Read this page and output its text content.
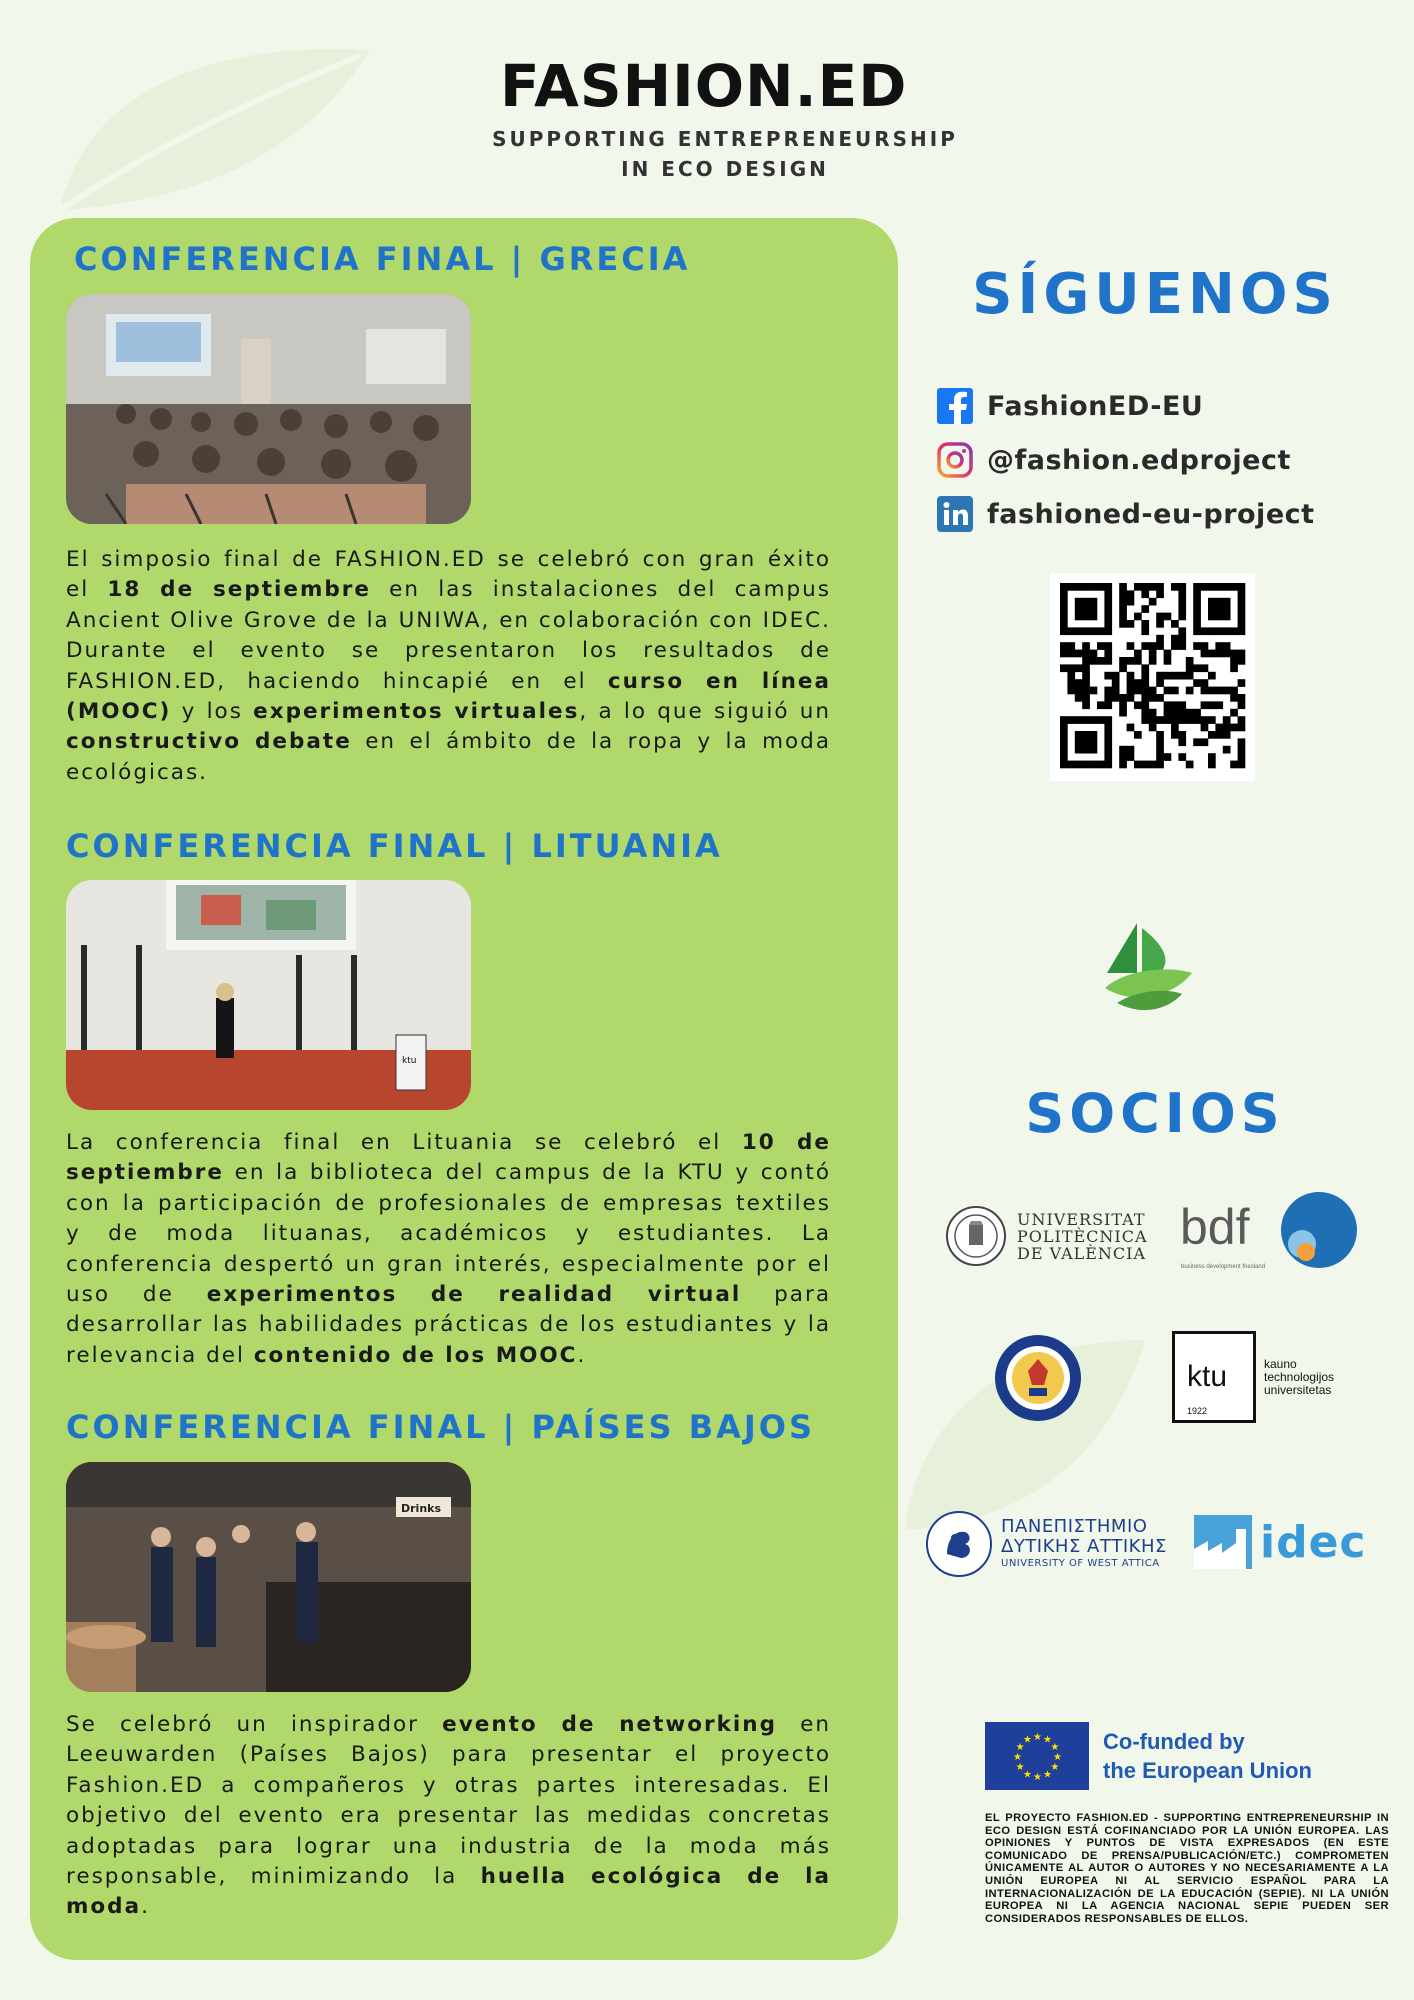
FASHION.ED
SUPPORTING ENTREPRENEURSHIP
IN ECO DESIGN
CONFERENCIA FINAL | GRECIA
El simposio final de FASHION.ED se celebró con gran éxito el 18 de septiembre en las instalaciones del campus Ancient Olive Grove de la UNIWA, en colaboración con IDEC. Durante el evento se presentaron los resultados de FASHION.ED, haciendo hincapié en el curso en línea (MOOC) y los experimentos virtuales, a lo que siguió un constructivo debate en el ámbito de la ropa y la moda ecológicas.
CONFERENCIA FINAL | LITUANIA
ktu
La conferencia final en Lituania se celebró el 10 de septiembre en la biblioteca del campus de la KTU y contó con la participación de profesionales de empresas textiles y de moda lituanas, académicos y estudiantes. La conferencia despertó un gran interés, especialmente por el uso de experimentos de realidad virtual para desarrollar las habilidades prácticas de los estudiantes y la relevancia del contenido de los MOOC.
CONFERENCIA FINAL | PAÍSES BAJOS
Drinks
Se celebró un inspirador evento de networking en Leeuwarden (Países Bajos) para presentar el proyecto Fashion.ED a compañeros y otras partes interesadas. El objetivo del evento era presentar las medidas concretas adoptadas para lograr una industria de la moda más responsable, minimizando la huella ecológica de la moda.
SÍGUENOS
FashionED-EU
@fashion.edproject
fashioned-eu-project
SOCIOS
UNIVERSITAT
POLITÈCNICA
DE VALÈNCIA bdf
business development friesland
ktu
1922
kauno
technologijos
universitetas
ΠΑΝΕΠΙΣΤΗΜΙΟ
ΔΥΤΙΚΗΣ ΑΤΤΙΚΗΣ
UNIVERSITY OF WEST ATTICA idec
★
★
★
★
★
★
★
★
★ ★ ★
★ Co-funded by
the European Union
EL PROYECTO FASHION.ED - SUPPORTING ENTREPRENEURSHIP IN ECO DESIGN ESTÁ COFINANCIADO POR LA UNIÓN EUROPEA. LAS OPINIONES Y PUNTOS DE VISTA EXPRESADOS (EN ESTE COMUNICADO DE PRENSA/PUBLICACIÓN/ETC.) COMPROMETEN ÚNICAMENTE AL AUTOR O AUTORES Y NO NECESARIAMENTE A LA UNIÓN EUROPEA NI AL SERVICIO ESPAÑOL PARA LA INTERNACIONALIZACIÓN DE LA EDUCACIÓN (SEPIE). NI LA UNIÓN EUROPEA NI LA AGENCIA NACIONAL SEPIE PUEDEN SER CONSIDERADOS RESPONSABLES DE ELLOS.
